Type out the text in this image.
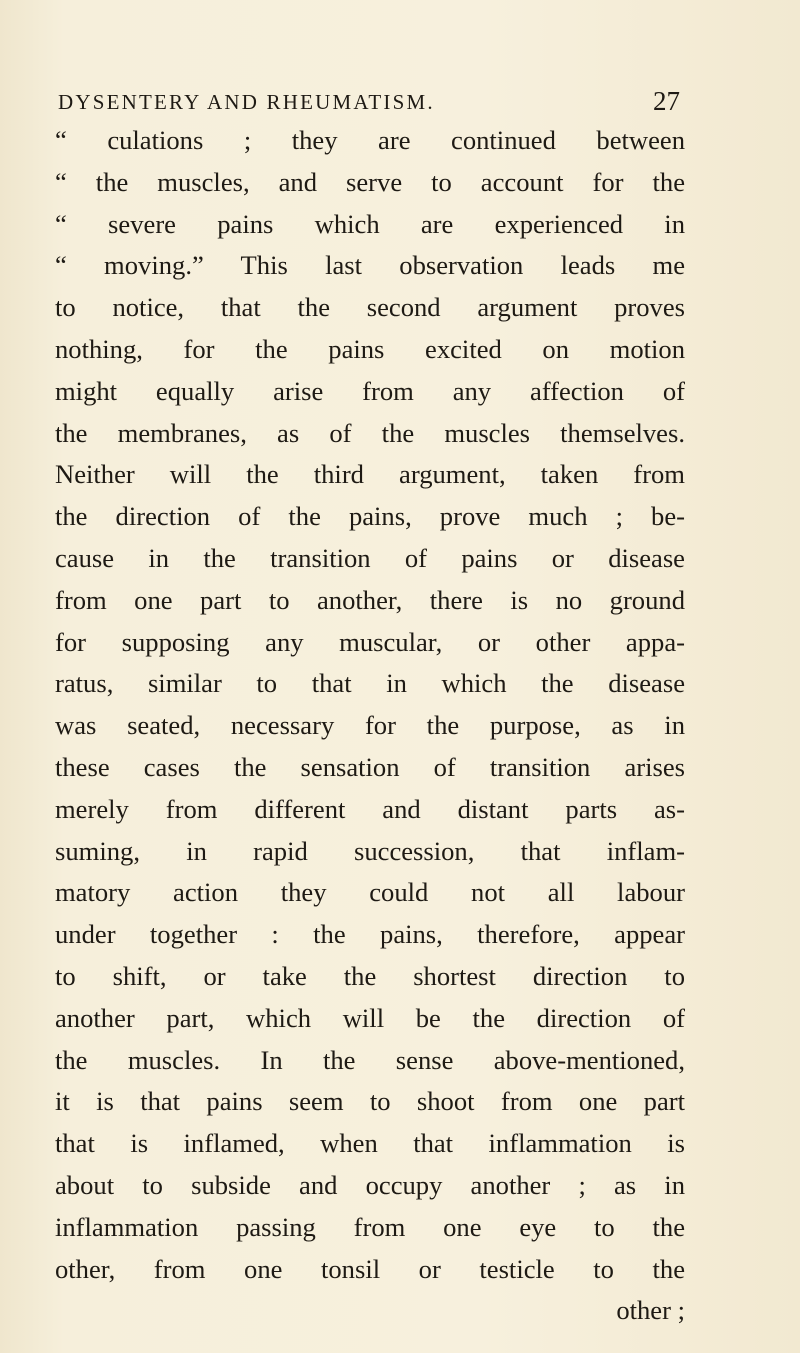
DYSENTERY AND RHEUMATISM.	27
“ culations ; they are continued between
“ the muscles, and serve to account for the
“ severe pains which are experienced in
“ moving.” This last observation leads me
to notice, that the second argument proves
nothing, for the pains excited on motion
might equally arise from any affection of
the membranes, as of the muscles themselves.
Neither will the third argument, taken from
the direction of the pains, prove much ; be-
cause in the transition of pains or disease
from one part to another, there is no ground
for supposing any muscular, or other appa-
ratus, similar to that in which the disease
was seated, necessary for the purpose, as in
these cases the sensation of transition arises
merely from different and distant parts as-
suming, in rapid succession, that inflam-
matory action they could not all labour
under together : the pains, therefore, appear
to shift, or take the shortest direction to
another part, which will be the direction of
the muscles. In the sense above-mentioned,
it is that pains seem to shoot from one part
that is inflamed, when that inflammation is
about to subside and occupy another ; as in
inflammation passing from one eye to the
other, from one tonsil or testicle to the
other ;
